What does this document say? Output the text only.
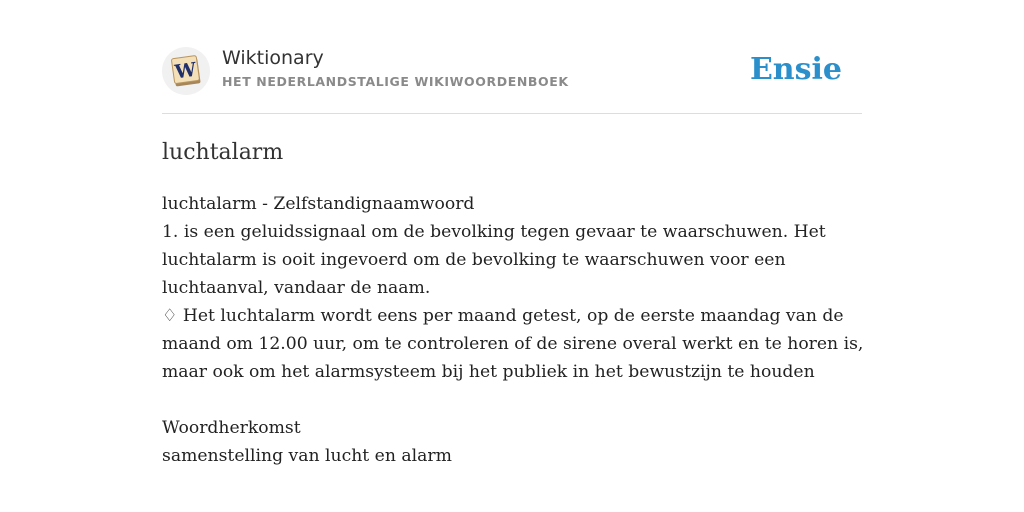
W
Wiktionary
HET NEDERLANDSTALIGE WIKIWOORDENBOEK	Ensie
luchtalarm
luchtalarm - Zelfstandignaamwoord
1. is een geluidssignaal om de bevolking tegen gevaar te waarschuwen. Het
luchtalarm is ooit ingevoerd om de bevolking te waarschuwen voor een
luchtaanval, vandaar de naam.
♢ Het luchtalarm wordt eens per maand getest, op de eerste maandag van de
maand om 12.00 uur, om te controleren of de sirene overal werkt en te horen is,
maar ook om het alarmsysteem bij het publiek in het bewustzijn te houden
Woordherkomst
samenstelling van lucht en alarm
